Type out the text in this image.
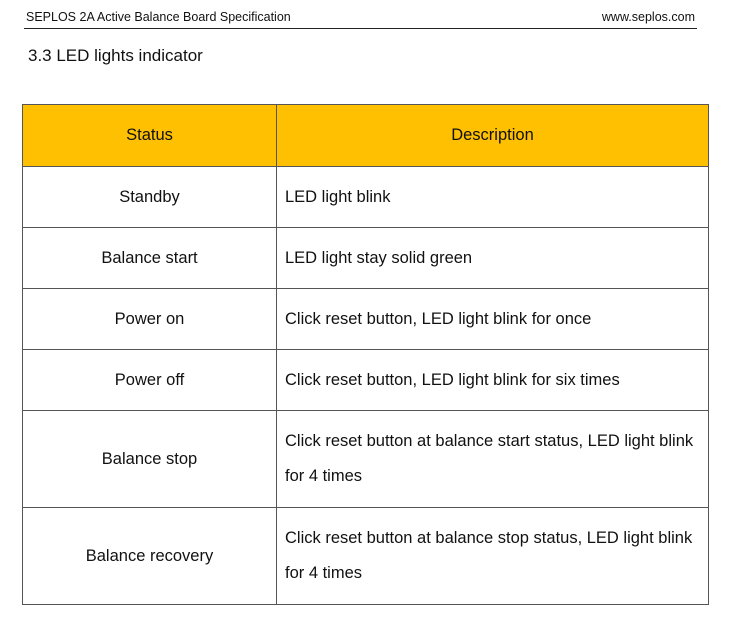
SEPLOS 2A Active Balance Board Specification	www.seplos.com
3.3 LED lights indicator
Status	Description
Standby	LED light blink
Balance start	LED light stay solid green
Power on	Click reset button, LED light blink for once
Power off	Click reset button, LED light blink for six times
Balance stop	Click reset button at balance start status, LED light blink for 4 times
Balance recovery	Click reset button at balance stop status, LED light blink for 4 times
